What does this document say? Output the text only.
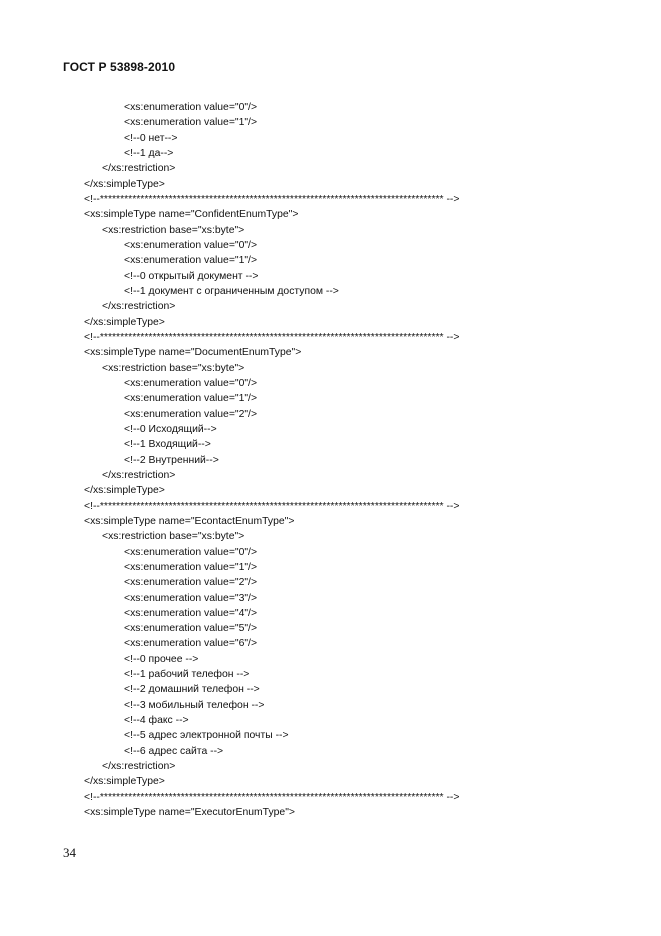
ГОСТ Р 53898-2010
<xs:enumeration value="0"/>
<xs:enumeration value="1"/>
<!--0 нет-->
<!--1 да-->
</xs:restriction>
</xs:simpleType>
<!--************************************************************************************* -->
<xs:simpleType name="ConfidentEnumType">
<xs:restriction base="xs:byte">
<xs:enumeration value="0"/>
<xs:enumeration value="1"/>
<!--0 открытый документ -->
<!--1 документ с ограниченным доступом -->
</xs:restriction>
</xs:simpleType>
<!--************************************************************************************* -->
<xs:simpleType name="DocumentEnumType">
<xs:restriction base="xs:byte">
<xs:enumeration value="0"/>
<xs:enumeration value="1"/>
<xs:enumeration value="2"/>
<!--0 Исходящий-->
<!--1 Входящий-->
<!--2 Внутренний-->
</xs:restriction>
</xs:simpleType>
<!--************************************************************************************* -->
<xs:simpleType name="EcontactEnumType">
<xs:restriction base="xs:byte">
<xs:enumeration value="0"/>
<xs:enumeration value="1"/>
<xs:enumeration value="2"/>
<xs:enumeration value="3"/>
<xs:enumeration value="4"/>
<xs:enumeration value="5"/>
<xs:enumeration value="6"/>
<!--0 прочее -->
<!--1 рабочий телефон -->
<!--2 домашний телефон -->
<!--3 мобильный телефон -->
<!--4 факс -->
<!--5 адрес электронной почты -->
<!--6 адрес сайта -->
</xs:restriction>
</xs:simpleType>
<!--************************************************************************************* -->
<xs:simpleType name="ExecutorEnumType">
34
